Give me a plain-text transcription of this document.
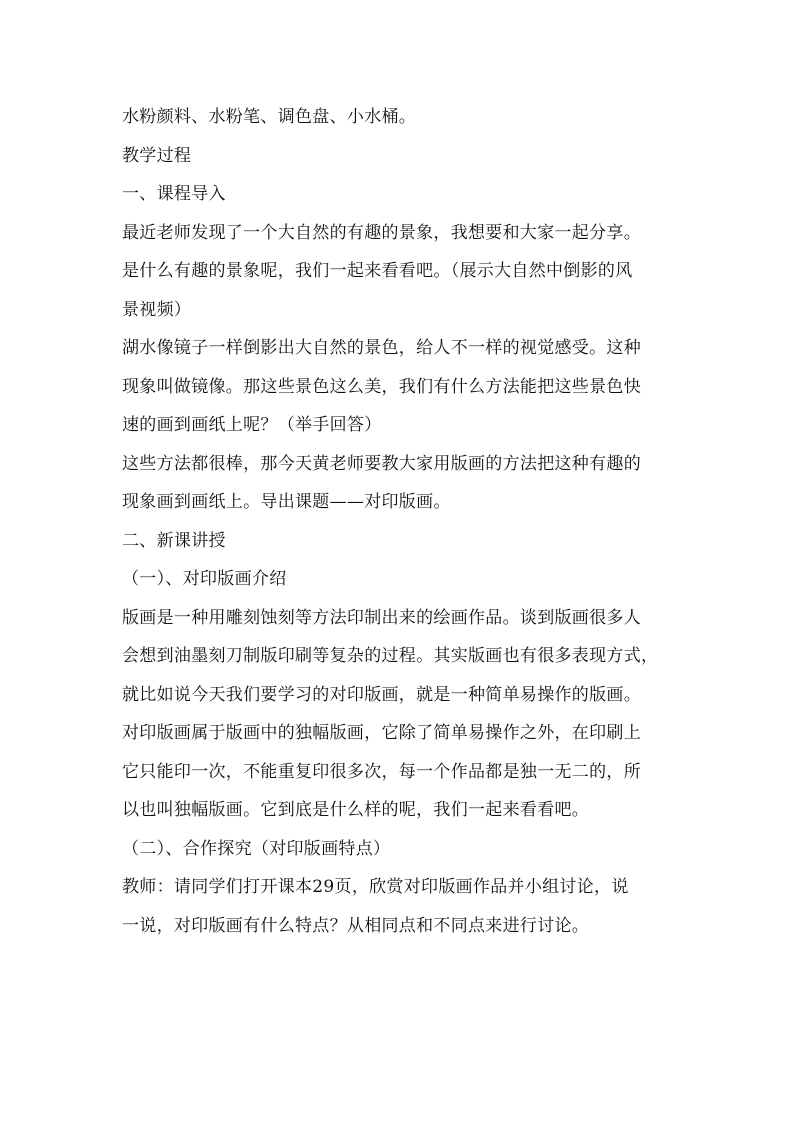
水粉颜料、水粉笔、调色盘、小水桶。
教学过程
一、课程导入
最近老师发现了一个大自然的有趣的景象，我想要和大家一起分享。
是什么有趣的景象呢，我们一起来看看吧。（展示大自然中倒影的风
景视频）
湖水像镜子一样倒影出大自然的景色，给人不一样的视觉感受。这种
现象叫做镜像。那这些景色这么美，我们有什么方法能把这些景色快
速的画到画纸上呢？（举手回答）
这些方法都很棒，那今天黄老师要教大家用版画的方法把这种有趣的
现象画到画纸上。导出课题——对印版画。
二、新课讲授
（一）、对印版画介绍
版画是一种用雕刻蚀刻等方法印制出来的绘画作品。谈到版画很多人
会想到油墨刻刀制版印刷等复杂的过程。其实版画也有很多表现方式，
就比如说今天我们要学习的对印版画，就是一种简单易操作的版画。
对印版画属于版画中的独幅版画，它除了简单易操作之外，在印刷上
它只能印一次，不能重复印很多次，每一个作品都是独一无二的，所
以也叫独幅版画。它到底是什么样的呢，我们一起来看看吧。
（二）、合作探究（对印版画特点）
教师：请同学们打开课本29页，欣赏对印版画作品并小组讨论，说
一说，对印版画有什么特点？从相同点和不同点来进行讨论。
